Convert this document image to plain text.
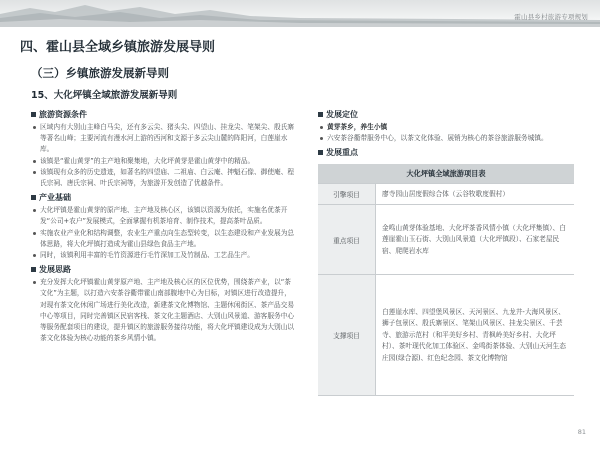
霍山县乡村旅游专项规划
四、霍山县全域乡镇旅游发展导则
（三）乡镇旅游发展新导则
15、大化坪镇全域旅游发展新导则
旅游资源条件
区域内有大别山主峰白马尖，还有多云尖、猪头尖、四望山、挂龙尖、笔架尖、殷氏寨等著名山峰；主要河流有漫水河上游的西河和支源于多云尖山麓的阵阳河，白莲崖水库。
该镇是“霍山黄芽”的主产地和聚集地，大化坪黄芽是霍山黄芽中的精品。
该镇现有众多的历史遗迹，如著名的四望庙、二祖庙、白云庵、抻魁石像、御使庵、程氏宗祠、唐氏宗祠、叶氏宗祠等，为旅游开发创造了优越条件。
产业基础
大化坪镇是霍山黄芽的原产地、主产地及核心区，该镇以资源为依托，实施名优茶开发“公司+农户”发展模式，全面掌握有机茶培育、制作技术，提高茶叶品质。
实施农业产业化和结构调整，农业生产重点向生态型转变，以生态建设和产业发展为总体思路，将大化坪镇打造成为霍山县绿色食品主产地。
同时，该镇利用丰富的毛竹资源进行毛竹深加工及竹制品、工艺品生产。
发展思路
充分发挥大化坪镇霍山黄芽原产地、主产地及核心区的区位优势，围绕茶产业，以“茶文化”为主题，以打造六安茶谷衢带霍山南部腹地中心为目标，对镇区进行改造提升，对现有茶文化休闲广场进行美化改造，新建茶文化博物馆、主题休闲街区、茶产品交易中心等项目，同时完善镇区民宿客栈、茶文化主题酒店、大别山风景道、游客服务中心等服务配套项目的建设，提升镇区的旅游服务接待功能，将大化坪镇建设成为大别山以茶文化体验为核心功能的茶乡风情小镇。
发展定位
黄芽茶乡，养生小镇
六安茶谷衢带服务中心，以茶文化体验、展销为核心的茶谷旅游服务城镇。
发展重点
大化坪镇全域旅游项目表
引擎项目	廖寺园山居度假综合体（云谷牧歌度假村）
重点项目
金鸣山黄芽体验基地、大化坪茶香风情小镇（大化坪集镇）、白莲崖霍山玉石街、大别山风景道（大化坪镇段）、石家老屋民宿、爬爬岩水库
支撑项目
白莲崖水库、四望堡风景区、天河景区、九龙井-大海风景区、狮子包景区、殷氏寨景区、笔架山风景区、挂龙尖景区、千芸寺、旅游示范村（和平美好乡村、青枫岭美好乡村、大化坪村）、茶叶现代化加工体验区、金鸣街茶体验、大别山天河生态庄园(绿合源)、红色纪念园、茶文化博物馆
81
